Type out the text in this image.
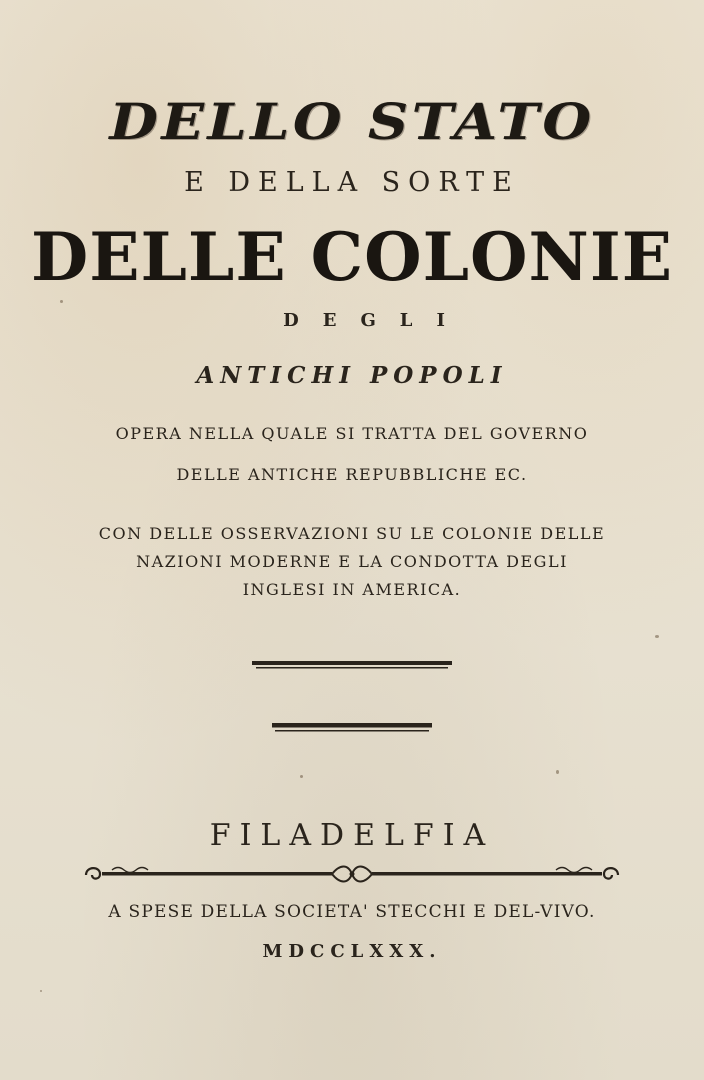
DELLO STATO
E DELLA SORTE
DELLE COLONIE
DEGLI
ANTICHI POPOLI
OPERA NELLA QUALE SI TRATTA DEL GOVERNO
DELLE ANTICHE REPUBBLICHE EC.
CON DELLE OSSERVAZIONI SU LE COLONIE DELLE
NAZIONI MODERNE E LA CONDOTTA DEGLI
INGLESI IN AMERICA.
FILADELFIA
A SPESE DELLA SOCIETA' STECCHI E DEL-VIVO.
MDCCLXXX.
